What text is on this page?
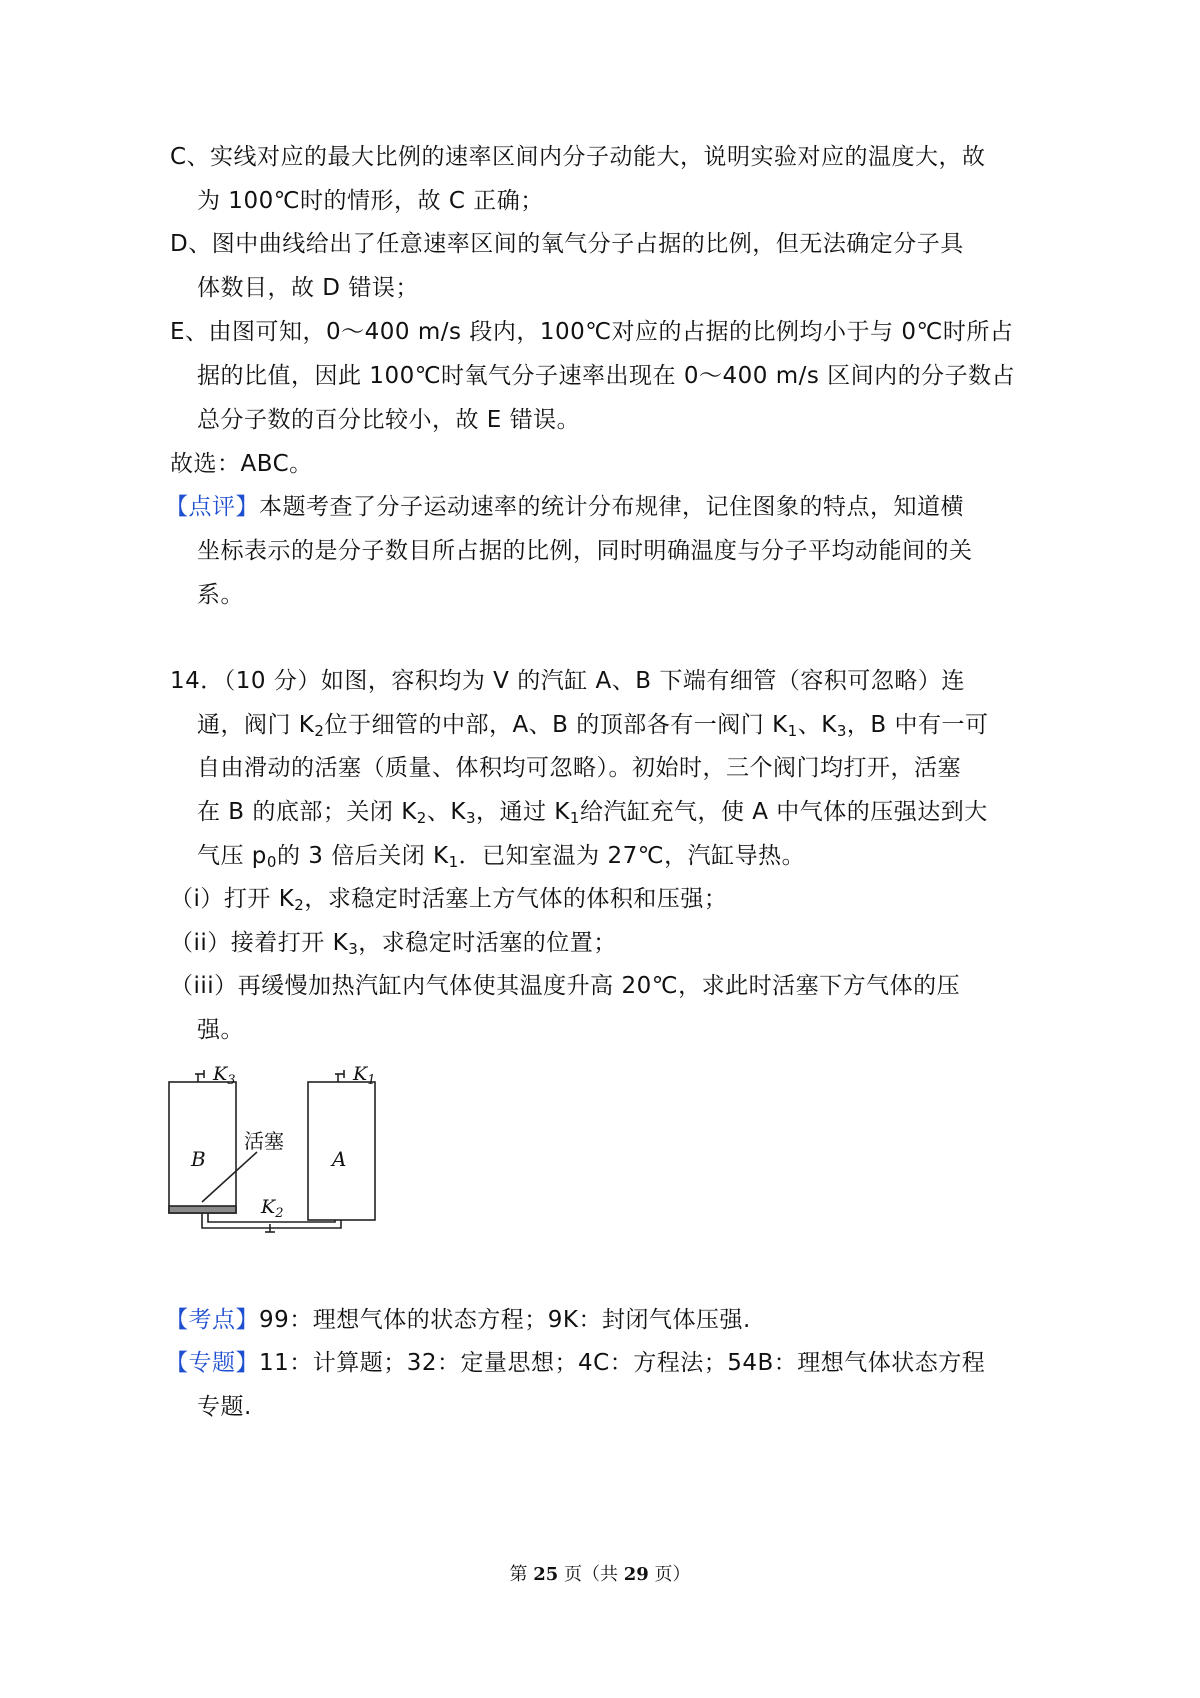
C、实线对应的最大比例的速率区间内分子动能大，说明实验对应的温度大，故
为 100℃时的情形，故 C 正确；
D、图中曲线给出了任意速率区间的氧气分子占据的比例，但无法确定分子具
体数目，故 D 错误；
E、由图可知，0～400 m/s 段内，100℃对应的占据的比例均小于与 0℃时所占
据的比值，因此 100℃时氧气分子速率出现在 0～400 m/s 区间内的分子数占
总分子数的百分比较小，故 E 错误。
故选：ABC。
【点评】本题考查了分子运动速率的统计分布规律，记住图象的特点，知道横
坐标表示的是分子数目所占据的比例，同时明确温度与分子平均动能间的关
系。
14．（10 分）如图，容积均为 V 的汽缸 A、B 下端有细管（容积可忽略）连
通，阀门 $K_2$位于细管的中部，A、B 的顶部各有一阀门 $K_1$、$K_3$，B 中有一可
自由滑动的活塞（质量、体积均可忽略）。初始时，三个阀门均打开，活塞
在 B 的底部；关闭 $K_2$、$K_3$，通过 $K_1$给汽缸充气，使 A 中气体的压强达到大
气压 $p_0$的 3 倍后关闭 $K_1$．已知室温为 27℃，汽缸导热。
（i）打开 $K_2$，求稳定时活塞上方气体的体积和压强；
（ii）接着打开 $K_3$，求稳定时活塞的位置；
（iii）再缓慢加热汽缸内气体使其温度升高 20℃，求此时活塞下方气体的压
强。
$K_3$	$K_1$
$K_2$
B	A
活塞
【考点】99：理想气体的状态方程；9K：封闭气体压强.
【专题】11：计算题；32：定量思想；4C：方程法；54B：理想气体状态方程
专题.
第 25 页（共 29 页）
